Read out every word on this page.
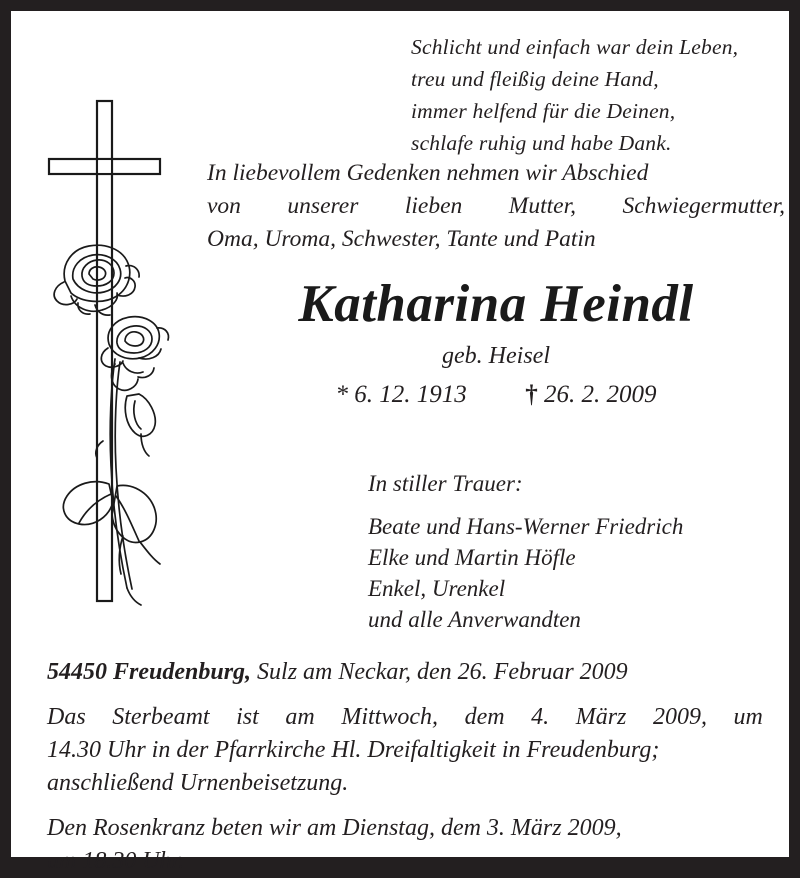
Schlicht und einfach war dein Leben,
treu und fleißig deine Hand,
immer helfend für die Deinen,
schlafe ruhig und habe Dank.
In liebevollem Gedenken nehmen wir Abschied
von unserer lieben Mutter, Schwiegermutter,
Oma, Uroma, Schwester, Tante und Patin
Katharina Heindl
geb. Heisel
* 6. 12. 1913 † 26. 2. 2009
In stiller Trauer:
Beate und Hans-Werner Friedrich
Elke und Martin Höfle
Enkel, Urenkel
und alle Anverwandten
54450 Freudenburg, Sulz am Neckar, den 26. Februar 2009
Das Sterbeamt ist am Mittwoch, dem 4. März 2009, um
14.30 Uhr in der Pfarrkirche Hl. Dreifaltigkeit in Freudenburg;
anschließend Urnenbeisetzung.
Den Rosenkranz beten wir am Dienstag, dem 3. März 2009,
um 18.30 Uhr.
